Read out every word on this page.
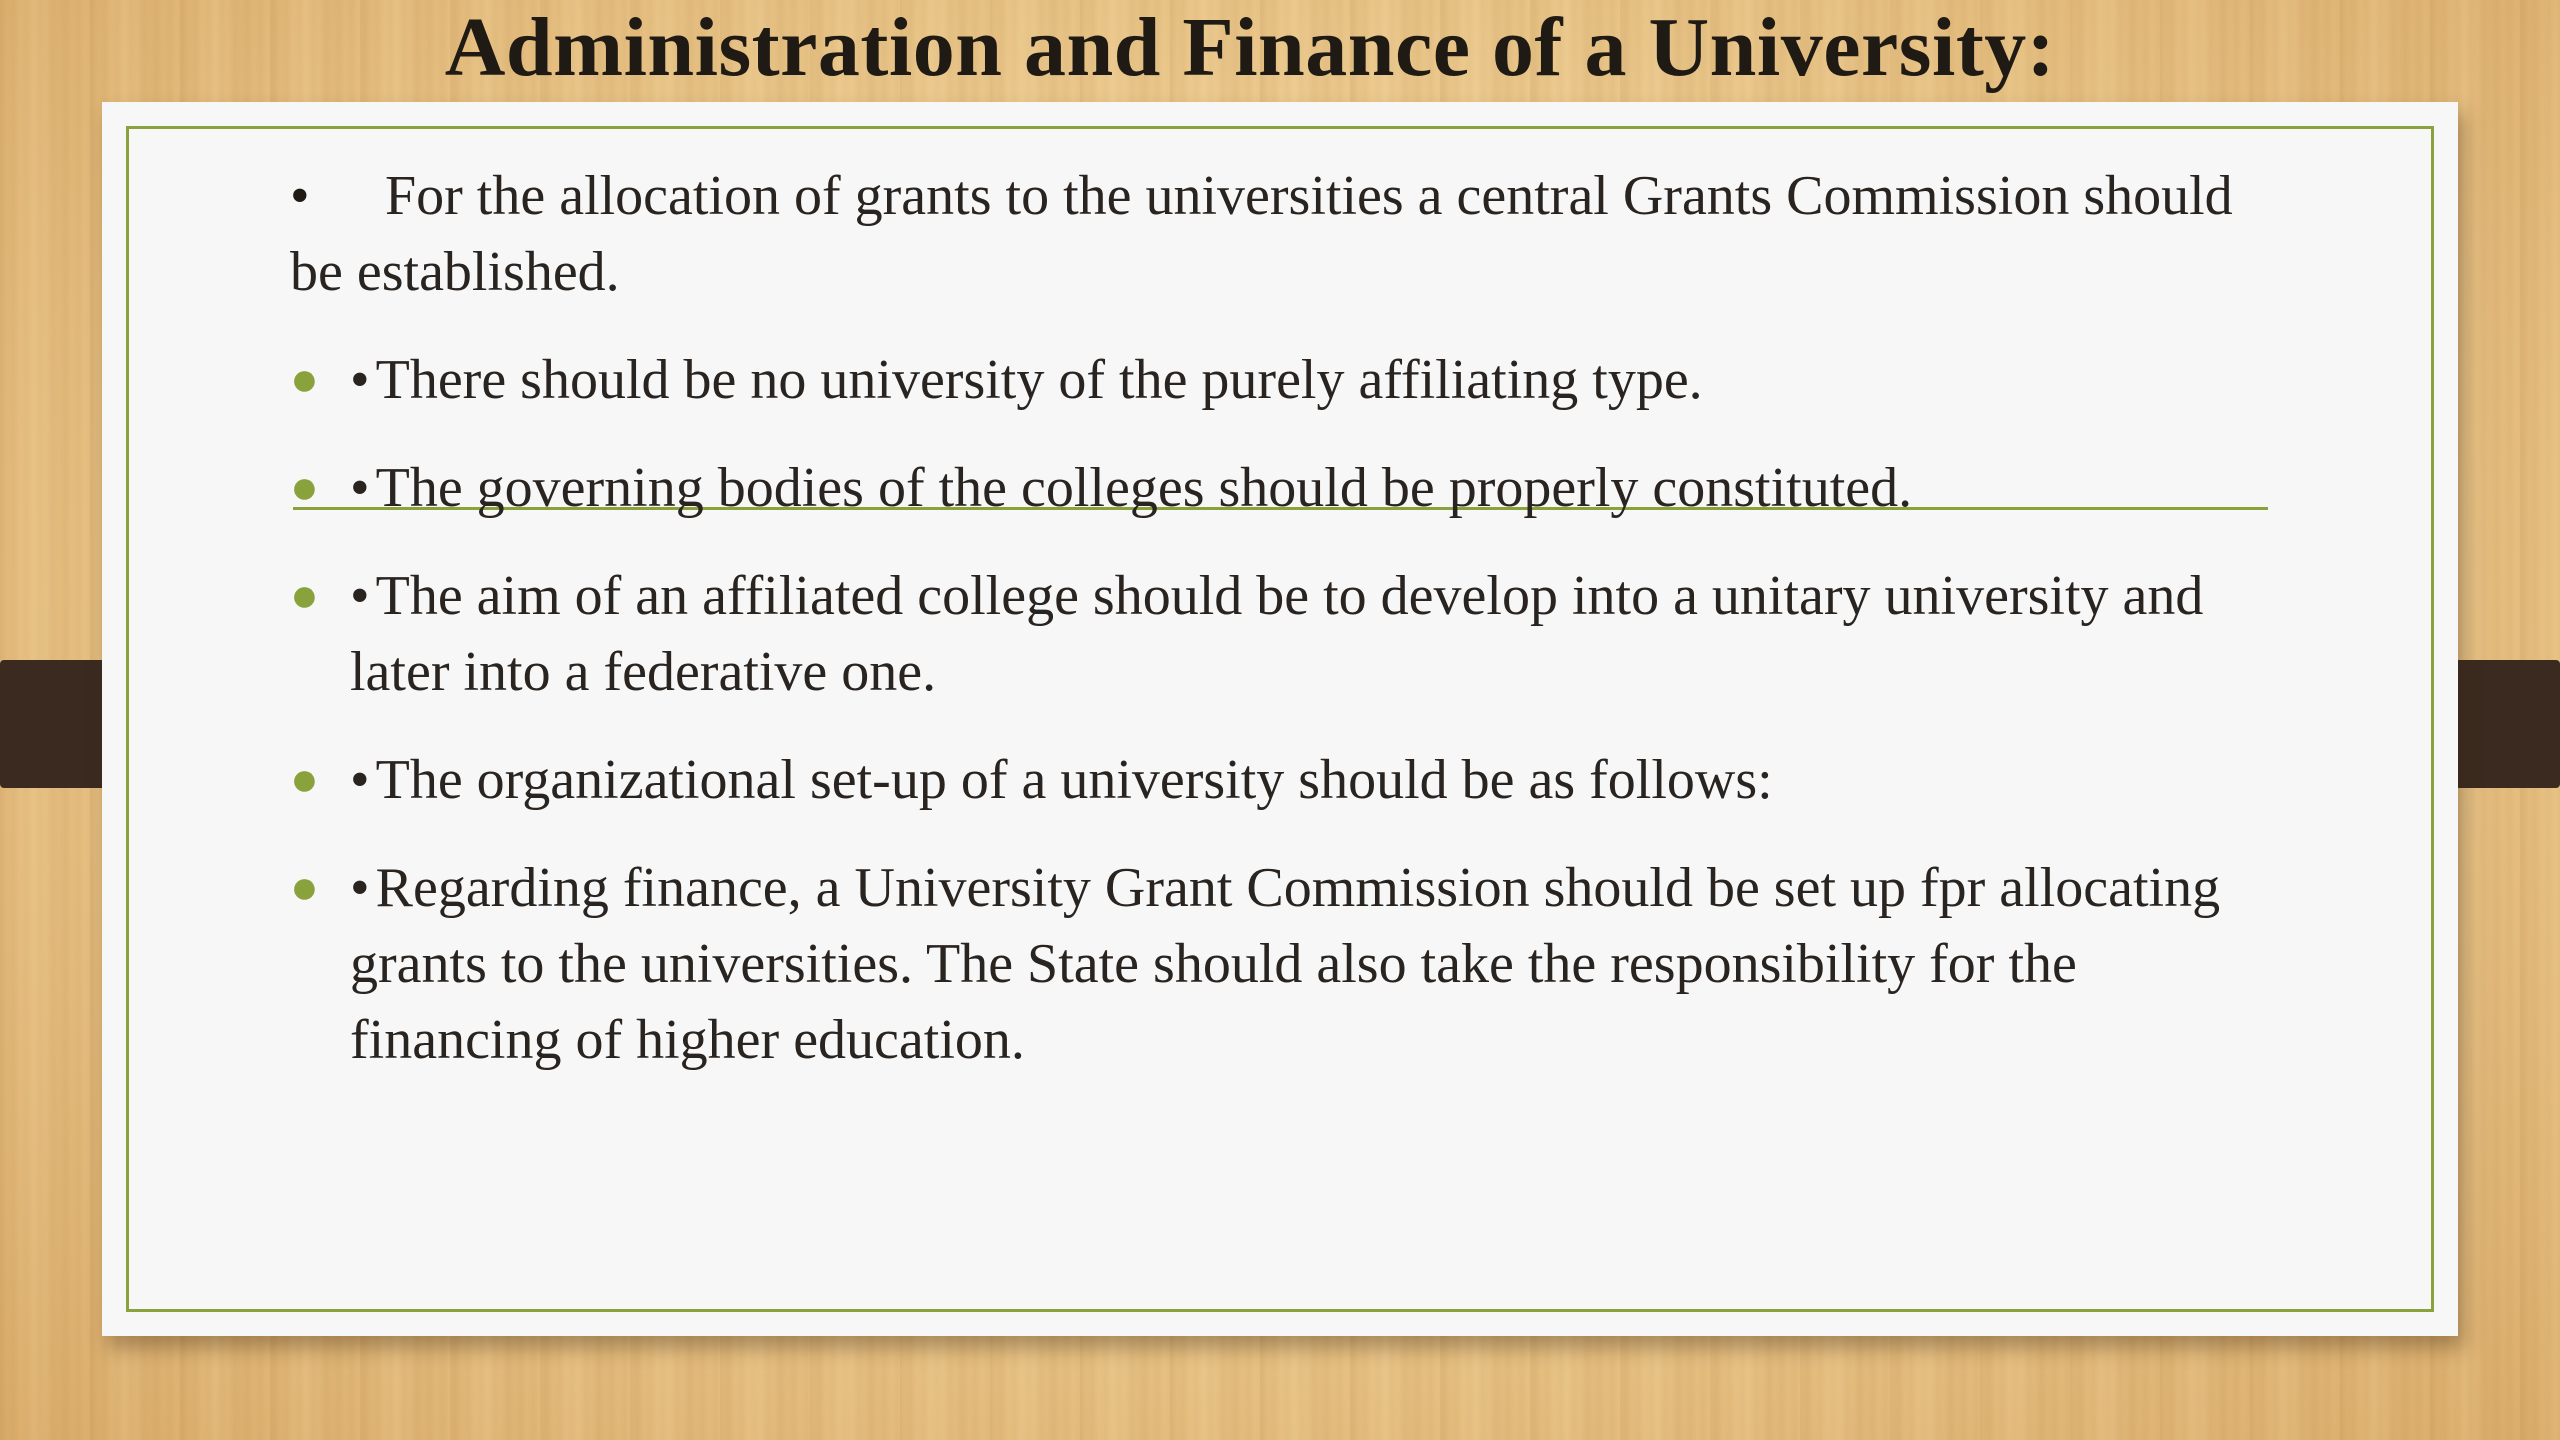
Administration and Finance of a University:
• For the allocation of grants to the universities a central Grants Commission should be established.
● • There should be no university of the purely affiliating type.
● • The governing bodies of the colleges should be properly constituted.
● • The aim of an affiliated college should be to develop into a unitary university and later into a federative one.
● • The organizational set-up of a university should be as follows:
● • Regarding finance, a University Grant Commission should be set up fpr allocating grants to the universities. The State should also take the responsibility for the financing of higher education.
